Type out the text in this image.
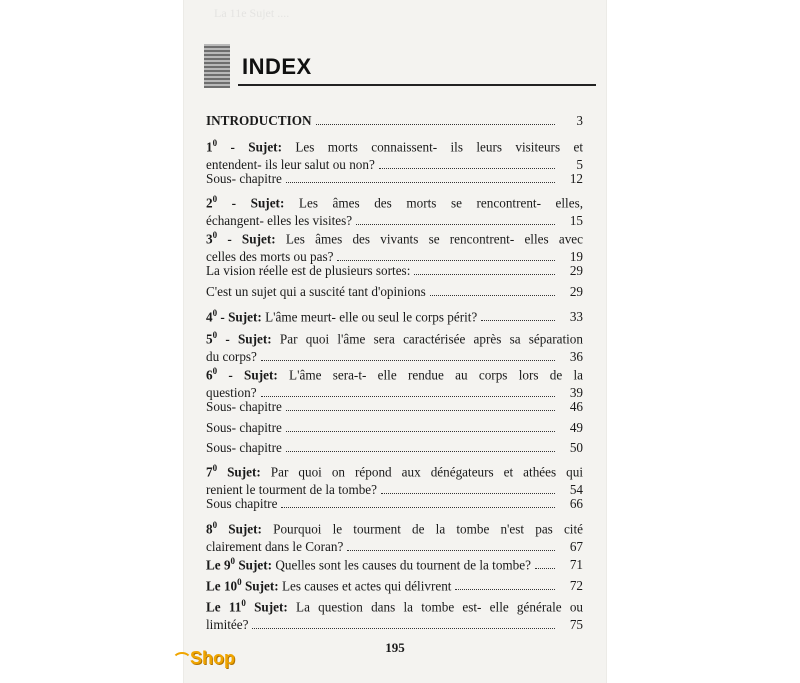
La 11e Sujet ....
INDEX
INTRODUCTION	3
$1^0$ - Sujet: Les morts connaissent- ils leurs visiteurs et
entendent- ils leur salut ou non?	5
Sous- chapitre	12
$2^0$ - Sujet: Les âmes des morts se rencontrent- elles,
échangent- elles les visites?	15
$3^0$ - Sujet: Les âmes des vivants se rencontrent- elles avec
celles des morts ou pas?	19
La vision réelle est de plusieurs sortes:	29
C'est un sujet qui a suscité tant d'opinions	29
$4^0$ - Sujet: L'âme meurt- elle ou seul le corps périt?	33
$5^0$ - Sujet: Par quoi l'âme sera caractérisée après sa séparation
du corps?	36
$6^0$ - Sujet: L'âme sera-t- elle rendue au corps lors de la
question?	39
Sous- chapitre	46
Sous- chapitre	49
Sous- chapitre	50
$7^0$ Sujet: Par quoi on répond aux dénégateurs et athées qui
renient le tourment de la tombe?	54
Sous chapitre	66
$8^0$ Sujet: Pourquoi le tourment de la tombe n'est pas cité
clairement dans le Coran?	67
Le $9^0$ Sujet: Quelles sont les causes du tournent de la tombe?	71
Le $10^0$ Sujet: Les causes et actes qui délivrent	72
Le $11^0$ Sujet: La question dans la tombe est- elle générale ou
limitée?	75
195
Shop
